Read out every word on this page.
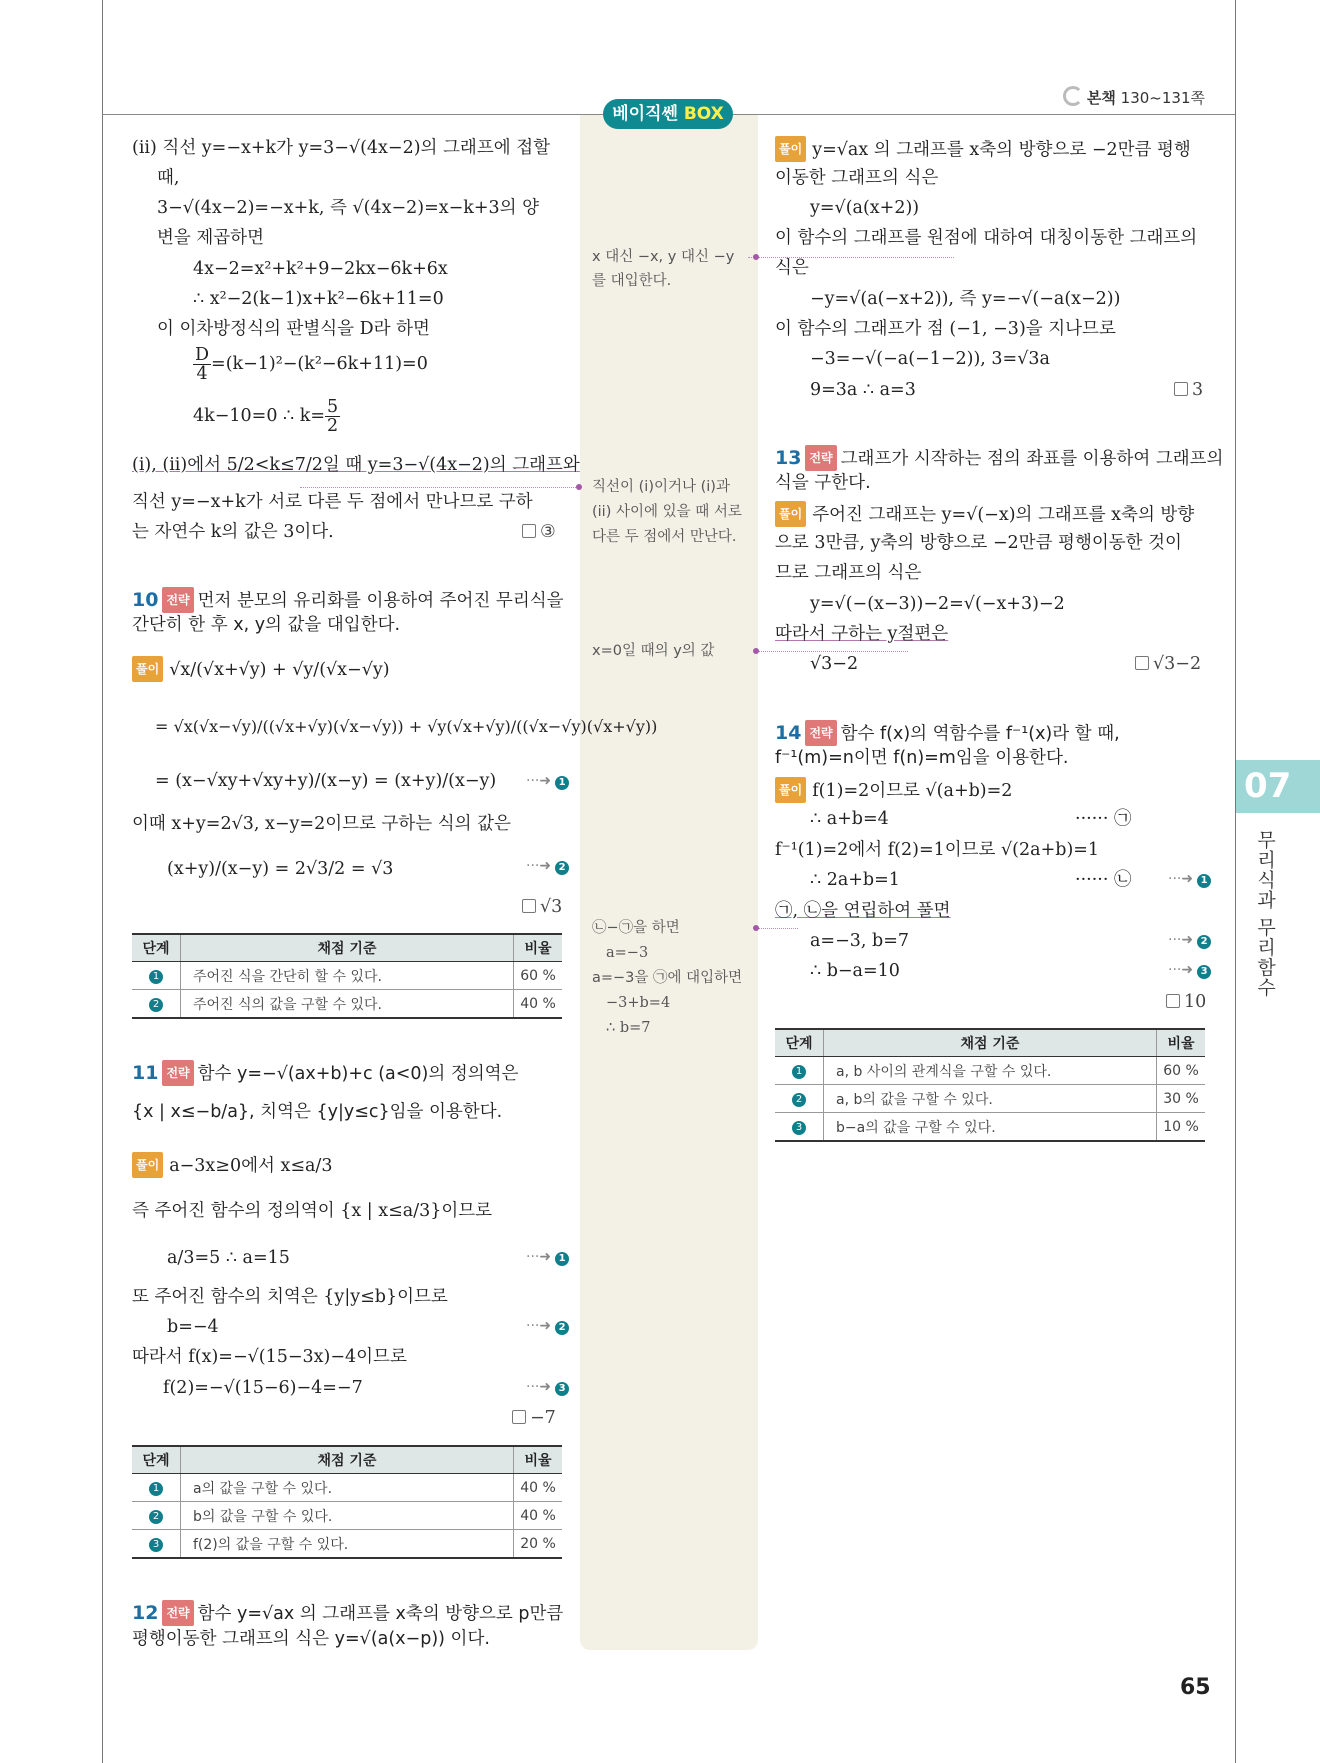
본책 130~131쪽
베이직쎈 BOX
07
무리식과 무리함수
65
(ii) 직선 y=−x+k가 y=3−√(4x−2)의 그래프에 접할
때,
3−√(4x−2)=−x+k, 즉 √(4x−2)=x−k+3의 양
변을 제곱하면
4x−2=x²+k²+9−2kx−6k+6x
∴ x²−2(k−1)x+k²−6k+11=0
이 이차방정식의 판별식을 D라 하면
$\frac{D}{4} =(k-1)^2-(k^2-6k+11)=0$
4k−10=0 ∴ $k= \frac{5}{2}$
(i), (ii)에서 5/2<k≤7/2일 때 y=3−√(4x−2)의 그래프와
직선 y=−x+k가 서로 다른 두 점에서 만나므로 구하
는 자연수 k의 값은 3이다.	③
10 전략 먼저 분모의 유리화를 이용하여 주어진 무리식을
간단히 한 후 x, y의 값을 대입한다.
풀이 √x/(√x+√y) + √y/(√x−√y)
= √x(√x−√y)/((√x+√y)(√x−√y)) + √y(√x+√y)/((√x−√y)(√x+√y))
= (x−√xy+√xy+y)/(x−y) = (x+y)/(x−y) ···➜ 1
이때 x+y=2√3, x−y=2이므로 구하는 식의 값은
(x+y)/(x−y) = 2√3/2 = √3	···➜ 2
√3
단계	채점 기준	비율
1	주어진 식을 간단히 할 수 있다.	60 %
2	주어진 식의 값을 구할 수 있다.	40 %
11 전략 함수 y=−√(ax+b)+c (a<0)의 정의역은
{x | x≤−b/a}, 치역은 {y|y≤c}임을 이용한다.
풀이 a−3x≥0에서 x≤a/3
즉 주어진 함수의 정의역이 {x | x≤a/3}이므로
a/3=5 ∴ a=15	···➜ 1
또 주어진 함수의 치역은 {y|y≤b}이므로
b=−4	···➜ 2
따라서 f(x)=−√(15−3x)−4이므로
f(2)=−√(15−6)−4=−7	···➜ 3
−7
단계	채점 기준	비율
1	a의 값을 구할 수 있다.	40 %
2	b의 값을 구할 수 있다.	40 %
3	f(2)의 값을 구할 수 있다.	20 %
12 전략 함수 y=√ax 의 그래프를 x축의 방향으로 p만큼
평행이동한 그래프의 식은 y=√(a(x−p)) 이다.
x 대신 −x, y 대신 −y
를 대입한다.
직선이 (i)이거나 (i)과
(ii) 사이에 있을 때 서로
다른 두 점에서 만난다.
x=0일 때의 y의 값
㉡−㉠을 하면
a=−3
a=−3을 ㉠에 대입하면
−3+b=4
∴ b=7
풀이 y=√ax 의 그래프를 x축의 방향으로 −2만큼 평행
이동한 그래프의 식은
y=√(a(x+2))
이 함수의 그래프를 원점에 대하여 대칭이동한 그래프의
식은
−y=√(a(−x+2)), 즉 y=−√(−a(x−2))
이 함수의 그래프가 점 (−1, −3)을 지나므로
−3=−√(−a(−1−2)), 3=√3a
9=3a ∴ a=3	3
13 전략 그래프가 시작하는 점의 좌표를 이용하여 그래프의
식을 구한다.
풀이 주어진 그래프는 y=√(−x)의 그래프를 x축의 방향
으로 3만큼, y축의 방향으로 −2만큼 평행이동한 것이
므로 그래프의 식은
y=√(−(x−3))−2=√(−x+3)−2
따라서 구하는 y절편은
√3−2	√3−2
14 전략 함수 f(x)의 역함수를 f⁻¹(x)라 할 때,
f⁻¹(m)=n이면 f(n)=m임을 이용한다.
풀이 f(1)=2이므로 √(a+b)=2
∴ a+b=4	······ ㉠
f⁻¹(1)=2에서 f(2)=1이므로 √(2a+b)=1
∴ 2a+b=1	······ ㉡	···➜ 1
㉠, ㉡을 연립하여 풀면
a=−3, b=7	···➜ 2
∴ b−a=10	···➜ 3
10
단계	채점 기준	비율
1	a, b 사이의 관계식을 구할 수 있다.	60 %
2	a, b의 값을 구할 수 있다.	30 %
3	b−a의 값을 구할 수 있다.	10 %
